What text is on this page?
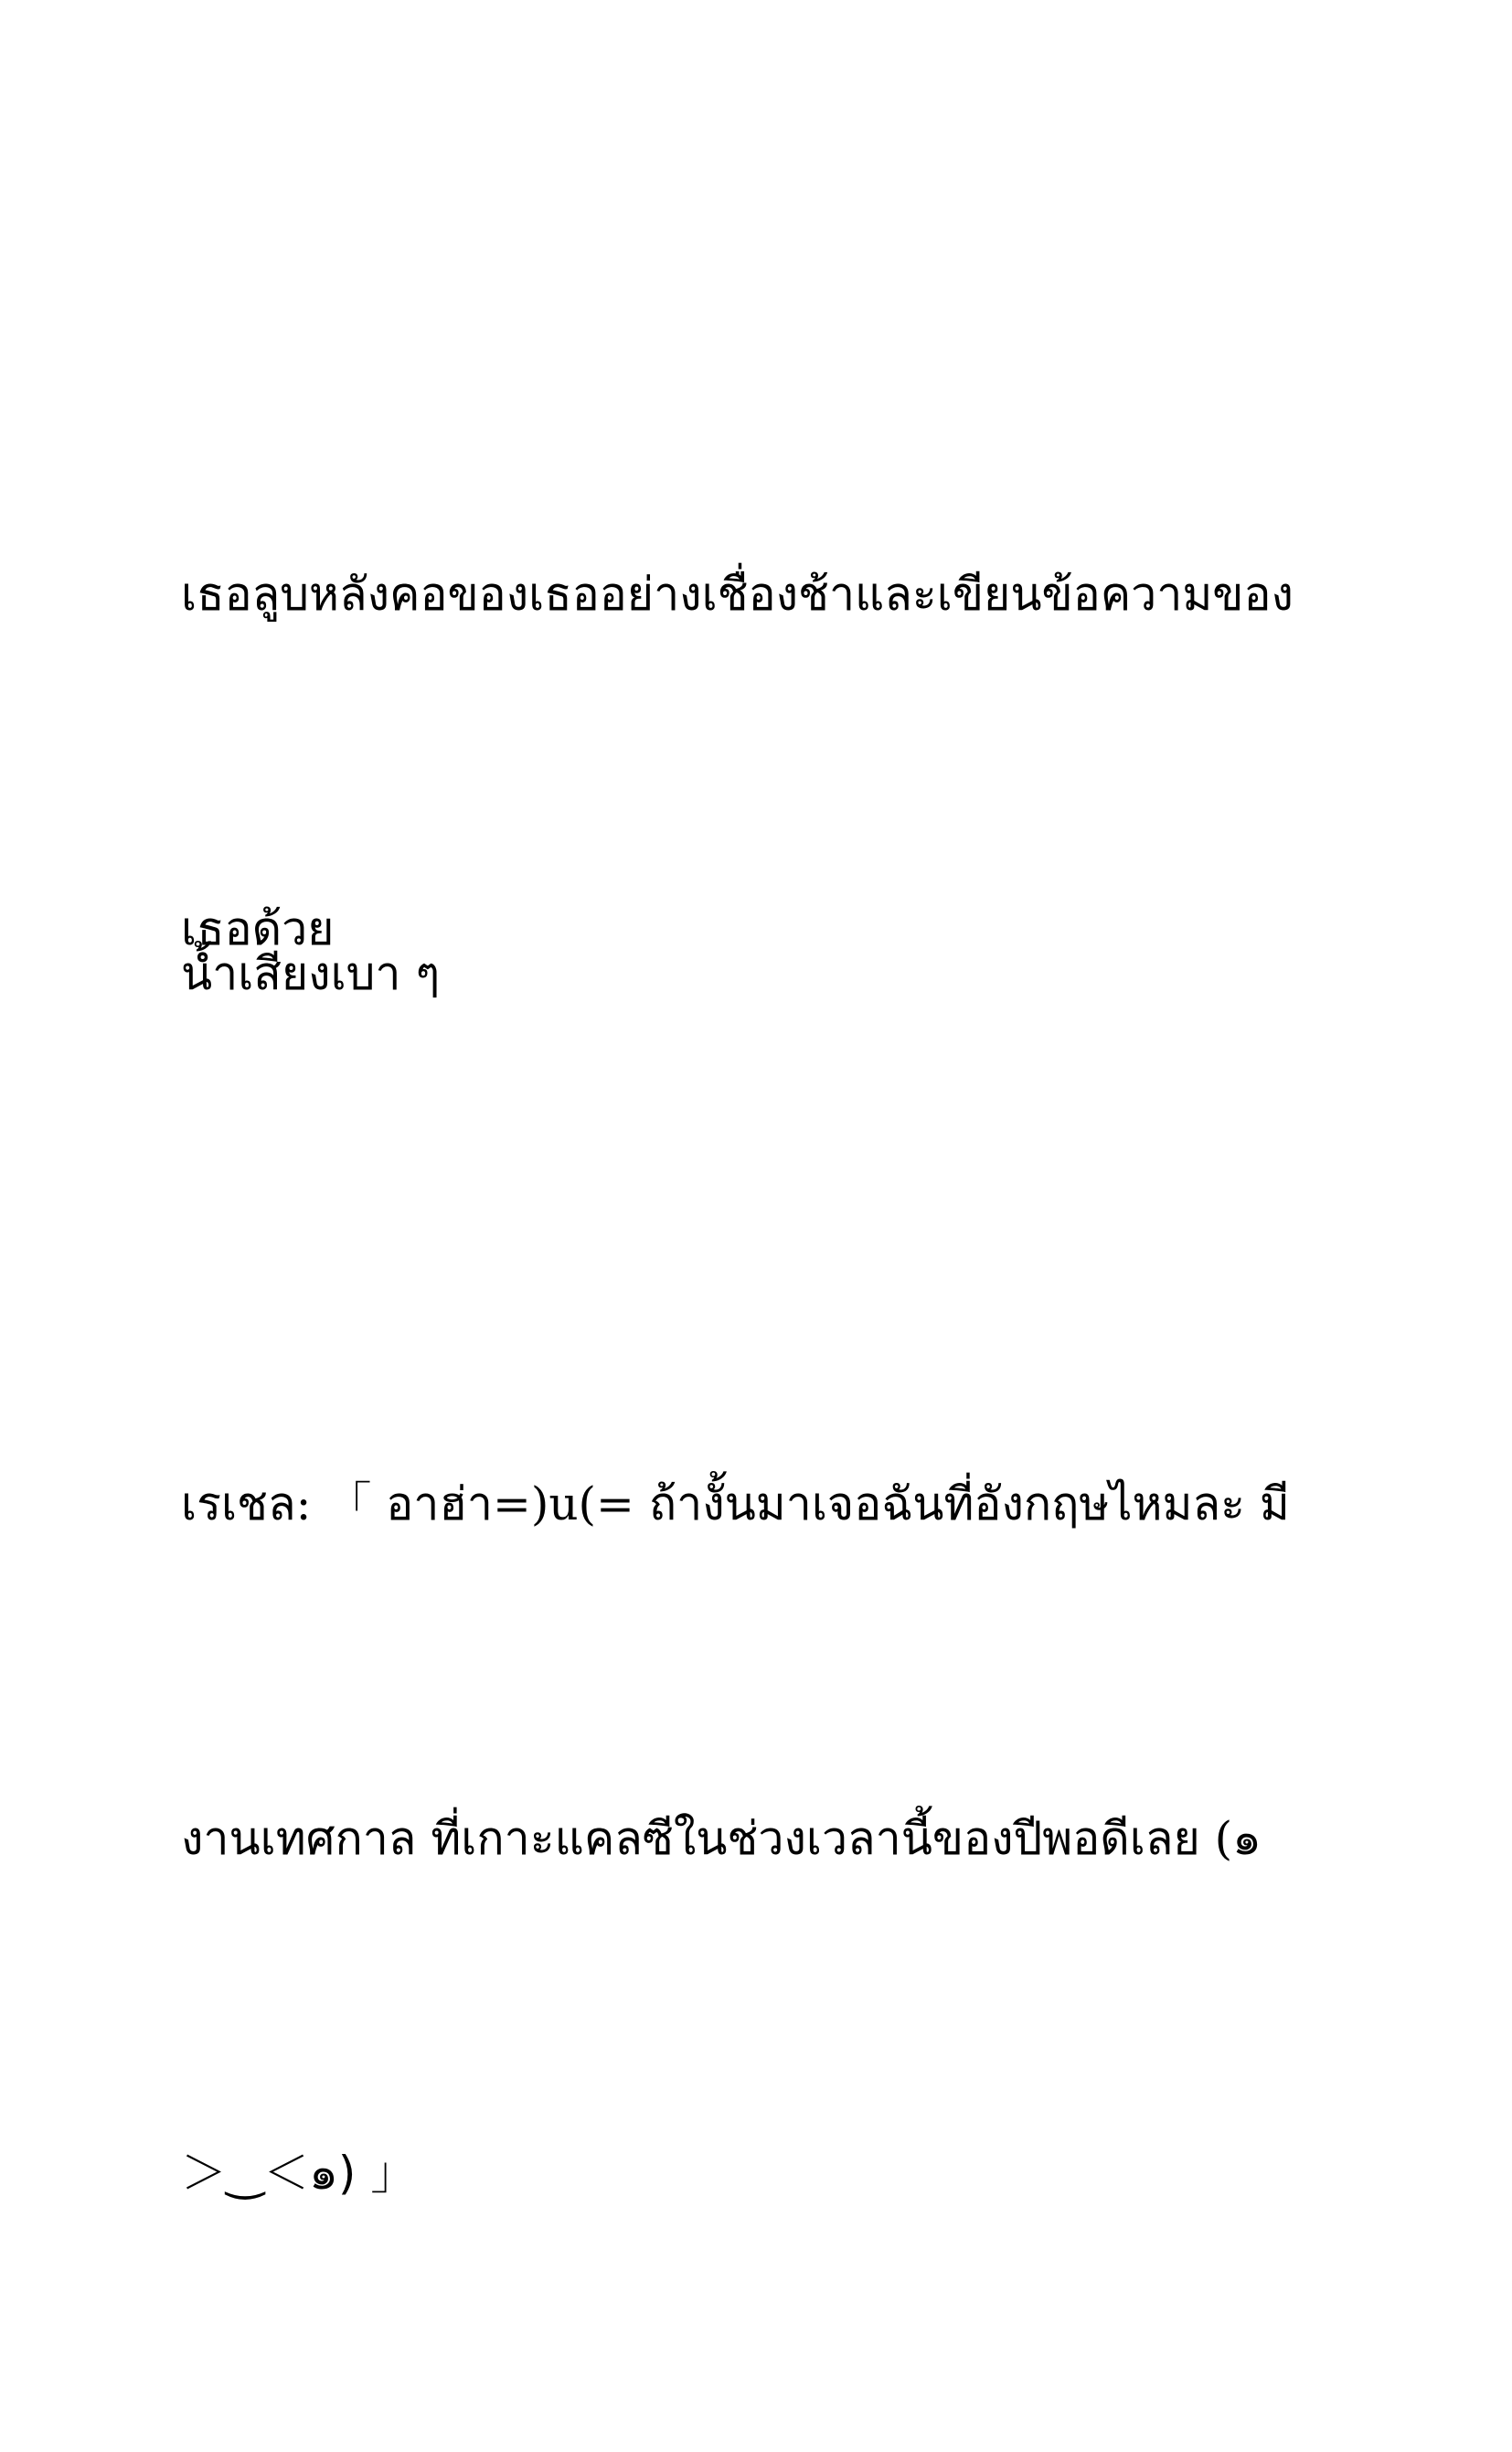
เธอลูบหลังคอของเธออย่างเชื่องช้าและเขียนข้อความของ

เธอด้วย

น้ำเสียงเบา ๆ

เรเชล: 「 อาฮ่า=)u(= ถ้างั้นมาเจอฉันที่อังกฤษไหมละ มี

งานเทศกาล ที่เกาะแคลซีในช่วงเวลานี้ของปีพอดีเลย (๑

＞‿＜๑) 」
